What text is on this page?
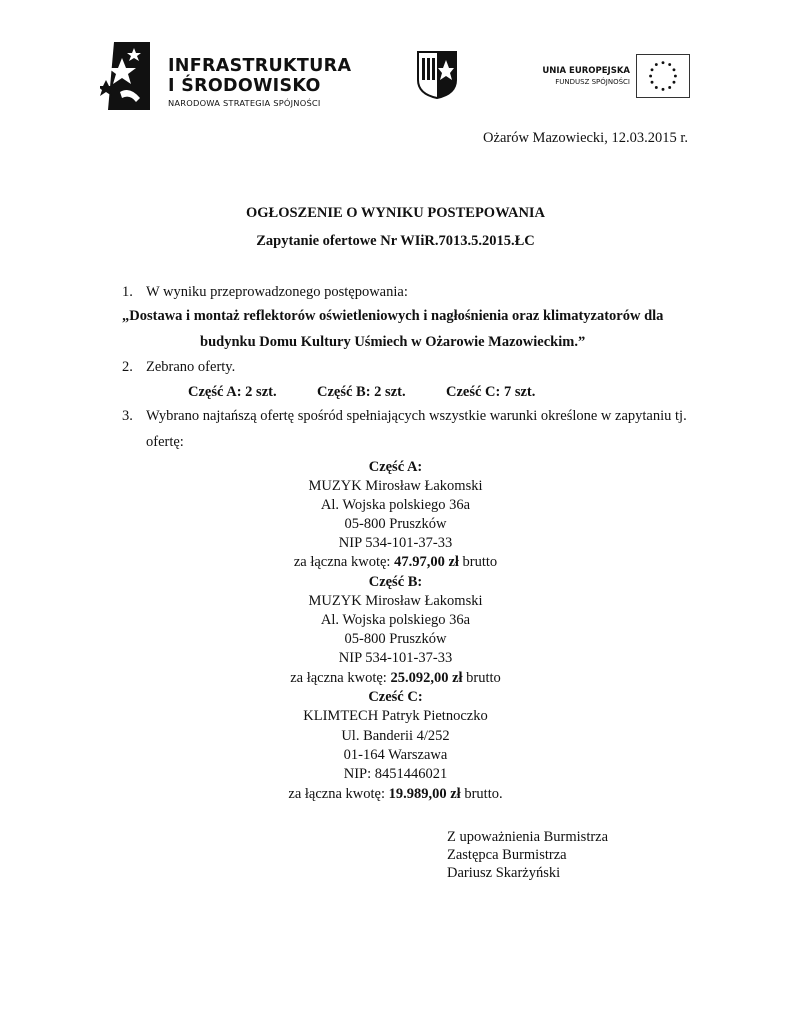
INFRASTRUKTURA
I ŚRODOWISKO
NARODOWA STRATEGIA SPÓJNOŚCI
UNIA EUROPEJSKA
FUNDUSZ SPÓJNOŚCI
Ożarów Mazowiecki, 12.03.2015 r.
OGŁOSZENIE O WYNIKU POSTEPOWANIA
Zapytanie ofertowe Nr WIiR.7013.5.2015.ŁC
1. W wyniku przeprowadzonego postępowania:
„Dostawa i montaż reflektorów oświetleniowych i nagłośnienia oraz klimatyzatorów dla
budynku Domu Kultury Uśmiech w Ożarowie Mazowieckim.”
2. Zebrano oferty.
Część A: 2 szt.	Część B: 2 szt.	Cześć C: 7 szt.
3. Wybrano najtańszą ofertę spośród spełniających wszystkie warunki określone w zapytaniu tj.
ofertę:
Część A:
MUZYK Mirosław Łakomski
Al. Wojska polskiego 36a
05-800 Pruszków
NIP 534-101-37-33
za łączna kwotę: 47.97,00 zł brutto
Część B:
MUZYK Mirosław Łakomski
Al. Wojska polskiego 36a
05-800 Pruszków
NIP 534-101-37-33
za łączna kwotę: 25.092,00 zł brutto
Cześć C:
KLIMTECH Patryk Pietnoczko
Ul. Banderii 4/252
01-164 Warszawa
NIP: 8451446021
za łączna kwotę: 19.989,00 zł brutto.
Z upoważnienia Burmistrza
Zastępca Burmistrza
Dariusz Skarżyński
